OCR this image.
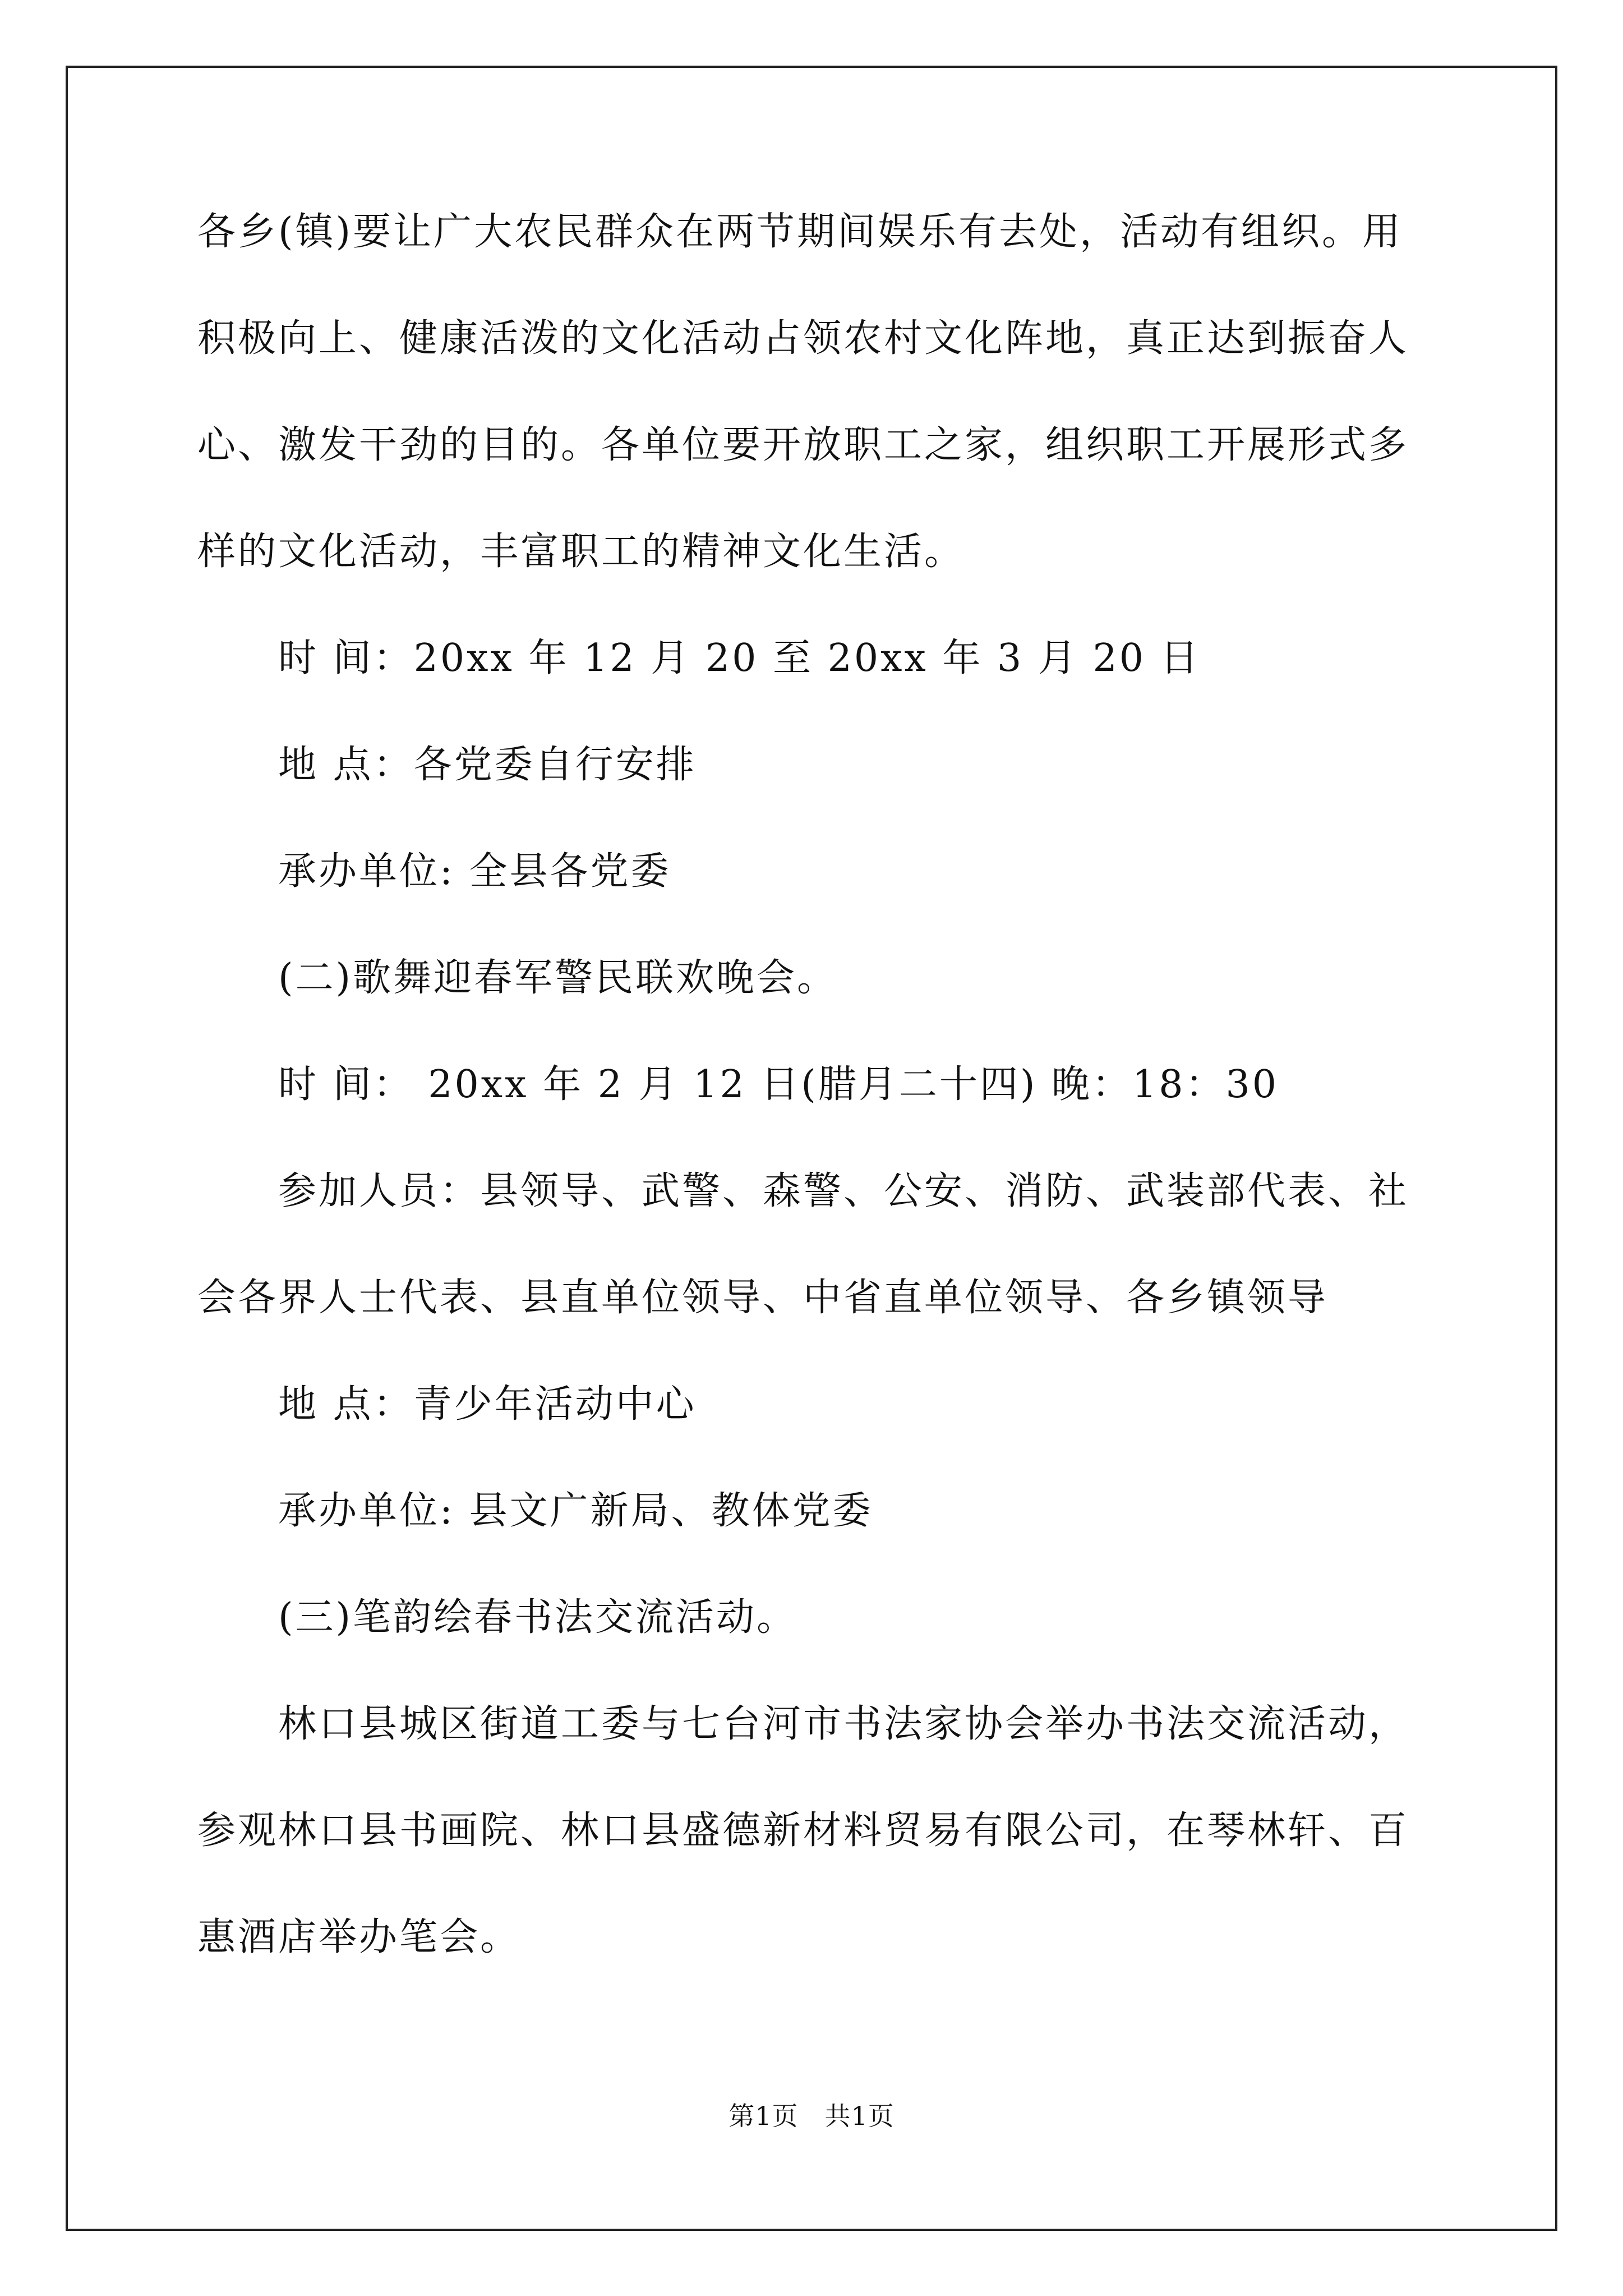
各乡(镇)要让广大农民群众在两节期间娱乐有去处，活动有组织。用
积极向上、健康活泼的文化活动占领农村文化阵地，真正达到振奋人
心、激发干劲的目的。各单位要开放职工之家，组织职工开展形式多
样的文化活动，丰富职工的精神文化生活。
时 间：20xx 年 12 月 20 至 20xx 年 3 月 20 日
地 点：各党委自行安排
承办单位: 全县各党委
(二)歌舞迎春军警民联欢晚会。
时 间： 20xx 年 2 月 12 日(腊月二十四) 晚：18：30
参加人员：县领导、武警、森警、公安、消防、武装部代表、社
会各界人士代表、县直单位领导、中省直单位领导、各乡镇领导
地 点：青少年活动中心
承办单位: 县文广新局、教体党委
(三)笔韵绘春书法交流活动。
林口县城区街道工委与七台河市书法家协会举办书法交流活动，
参观林口县书画院、林口县盛德新材料贸易有限公司，在琴林轩、百
惠酒店举办笔会。
第1页　共1页
